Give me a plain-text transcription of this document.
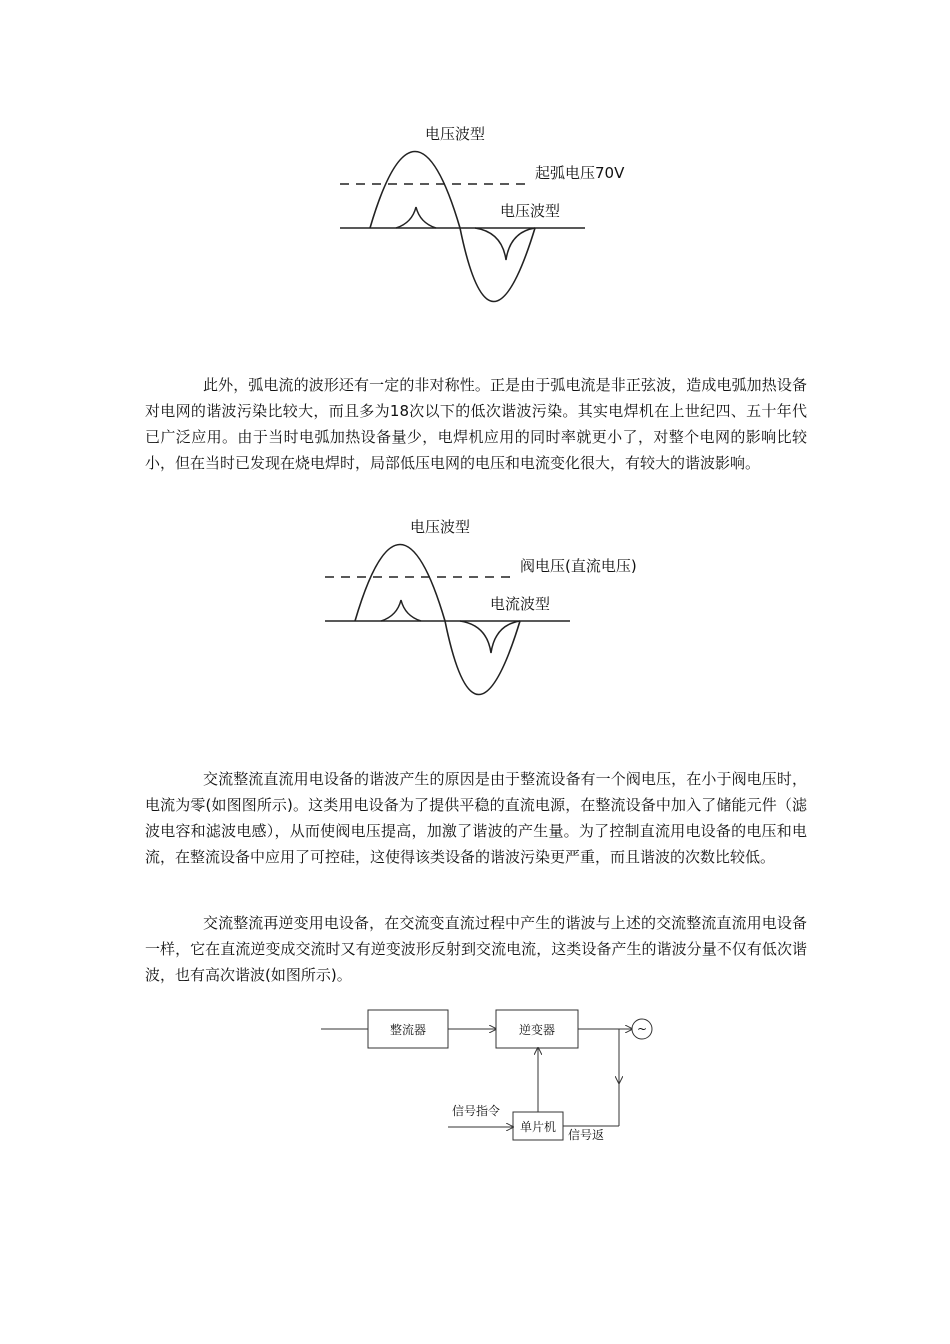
电压波型
起弧电压70V
电压波型

此外，弧电流的波形还有一定的非对称性。正是由于弧电流是非正弦波，造成电弧加热设备对电网的谐波污染比较大，而且多为18次以下的低次谐波污染。其实电焊机在上世纪四、五十年代已广泛应用。由于当时电弧加热设备量少，电焊机应用的同时率就更小了，对整个电网的影响比较小，但在当时已发现在烧电焊时，局部低压电网的电压和电流变化很大，有较大的谐波影响。

电压波型
阀电压(直流电压)
电流波型

交流整流直流用电设备的谐波产生的原因是由于整流设备有一个阀电压，在小于阀电压时，电流为零(如图图所示)。这类用电设备为了提供平稳的直流电源，在整流设备中加入了储能元件（滤波电容和滤波电感），从而使阀电压提高，加激了谐波的产生量。为了控制直流用电设备的电压和电流，在整流设备中应用了可控硅，这使得该类设备的谐波污染更严重，而且谐波的次数比较低。

交流整流再逆变用电设备，在交流变直流过程中产生的谐波与上述的交流整流直流用电设备一样，它在直流逆变成交流时又有逆变波形反射到交流电流，这类设备产生的谐波分量不仅有低次谐波，也有高次谐波(如图所示)。

整流器	逆变器	~
单片机
信号指令
信号返
